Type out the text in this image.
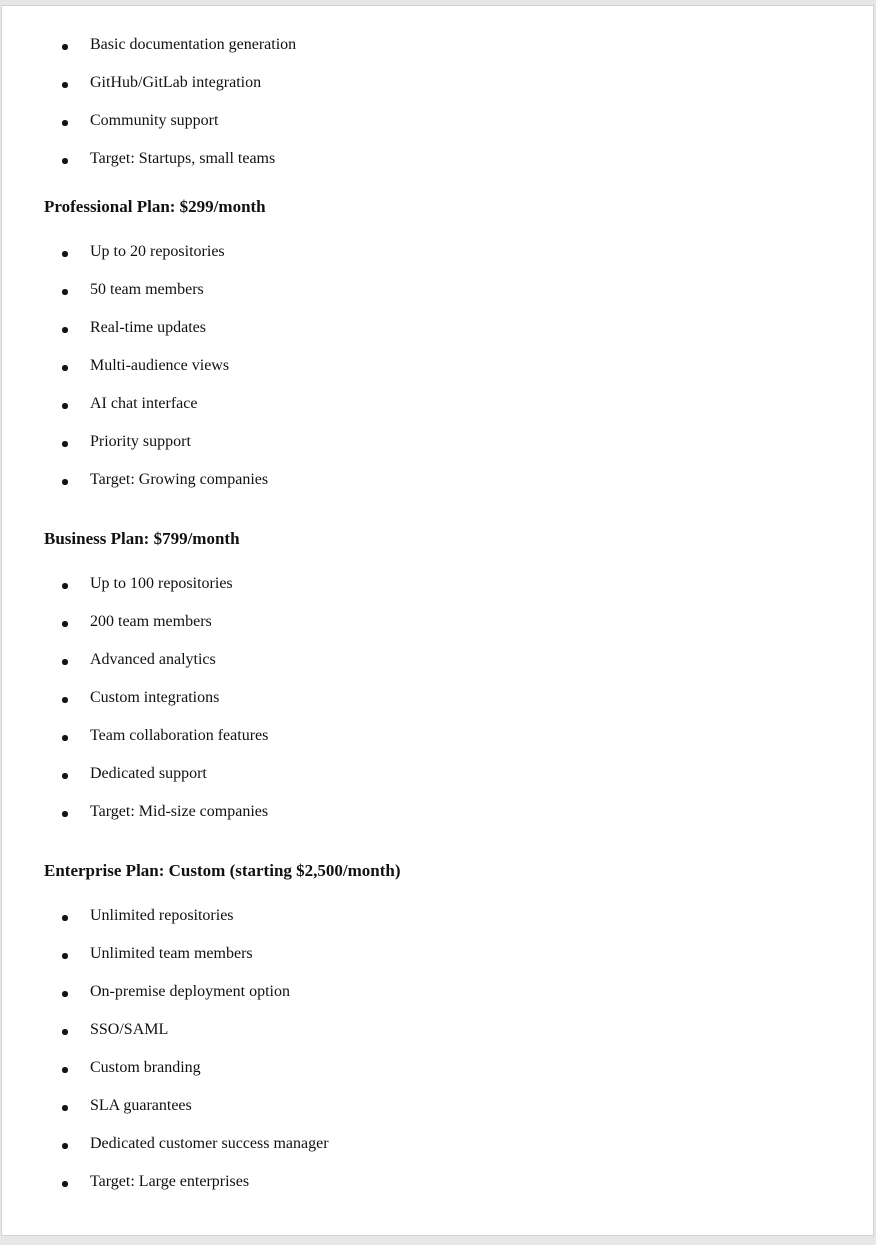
Basic documentation generation
GitHub/GitLab integration
Community support
Target: Startups, small teams
Professional Plan: $299/month
Up to 20 repositories
50 team members
Real-time updates
Multi-audience views
AI chat interface
Priority support
Target: Growing companies
Business Plan: $799/month
Up to 100 repositories
200 team members
Advanced analytics
Custom integrations
Team collaboration features
Dedicated support
Target: Mid-size companies
Enterprise Plan: Custom (starting $2,500/month)
Unlimited repositories
Unlimited team members
On-premise deployment option
SSO/SAML
Custom branding
SLA guarantees
Dedicated customer success manager
Target: Large enterprises
